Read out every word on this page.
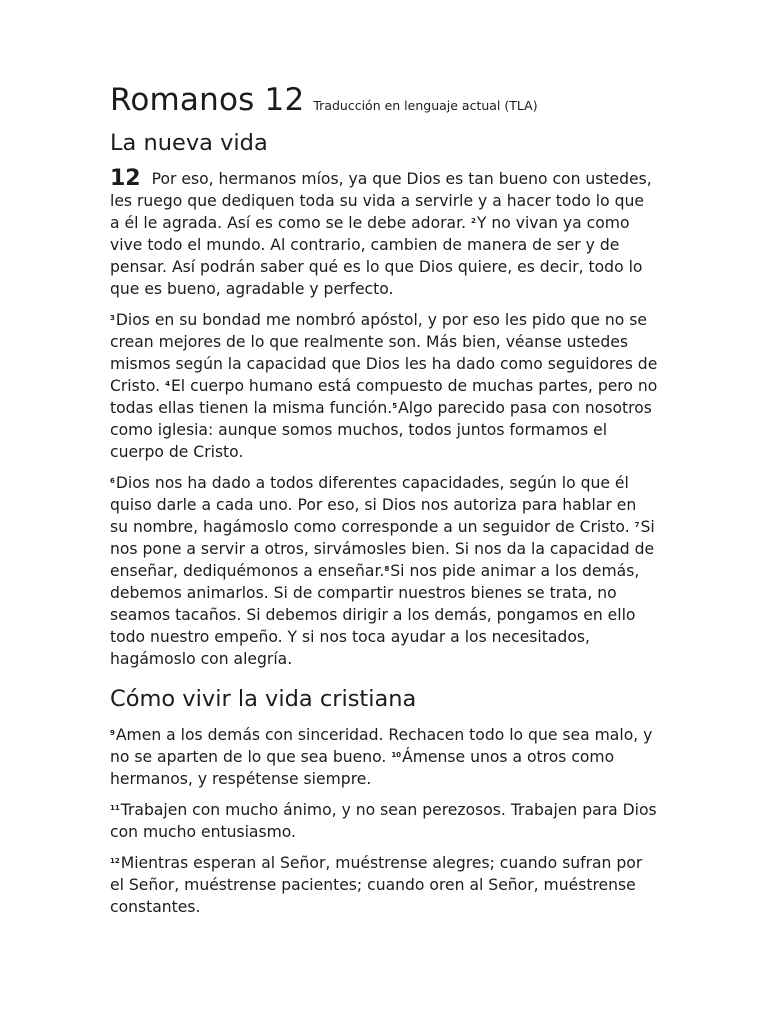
Romanos 12 Traducción en lenguaje actual (TLA)
La nueva vida

12 Por eso, hermanos míos, ya que Dios es tan bueno con ustedes, les ruego que dediquen toda su vida a servirle y a hacer todo lo que a él le agrada. Así es como se le debe adorar. $^2$Y no vivan ya como vive todo el mundo. Al contrario, cambien de manera de ser y de pensar. Así podrán saber qué es lo que Dios quiere, es decir, todo lo que es bueno, agradable y perfecto.

$^3$Dios en su bondad me nombró apóstol, y por eso les pido que no se crean mejores de lo que realmente son. Más bien, véanse ustedes mismos según la capacidad que Dios les ha dado como seguidores de Cristo. $^4$El cuerpo humano está compuesto de muchas partes, pero no todas ellas tienen la misma función.$^5$Algo parecido pasa con nosotros como iglesia: aunque somos muchos, todos juntos formamos el cuerpo de Cristo.

$^6$Dios nos ha dado a todos diferentes capacidades, según lo que él quiso darle a cada uno. Por eso, si Dios nos autoriza para hablar en su nombre, hagámoslo como corresponde a un seguidor de Cristo. $^7$Si nos pone a servir a otros, sirvámosles bien. Si nos da la capacidad de enseñar, dediquémonos a enseñar.$^8$Si nos pide animar a los demás, debemos animarlos. Si de compartir nuestros bienes se trata, no seamos tacaños. Si debemos dirigir a los demás, pongamos en ello todo nuestro empeño. Y si nos toca ayudar a los necesitados, hagámoslo con alegría.

Cómo vivir la vida cristiana

$^9$Amen a los demás con sinceridad. Rechacen todo lo que sea malo, y no se aparten de lo que sea bueno. $^{10}$Ámense unos a otros como hermanos, y respétense siempre.

$^{11}$Trabajen con mucho ánimo, y no sean perezosos. Trabajen para Dios con mucho entusiasmo.

$^{12}$Mientras esperan al Señor, muéstrense alegres; cuando sufran por el Señor, muéstrense pacientes; cuando oren al Señor, muéstrense constantes.
